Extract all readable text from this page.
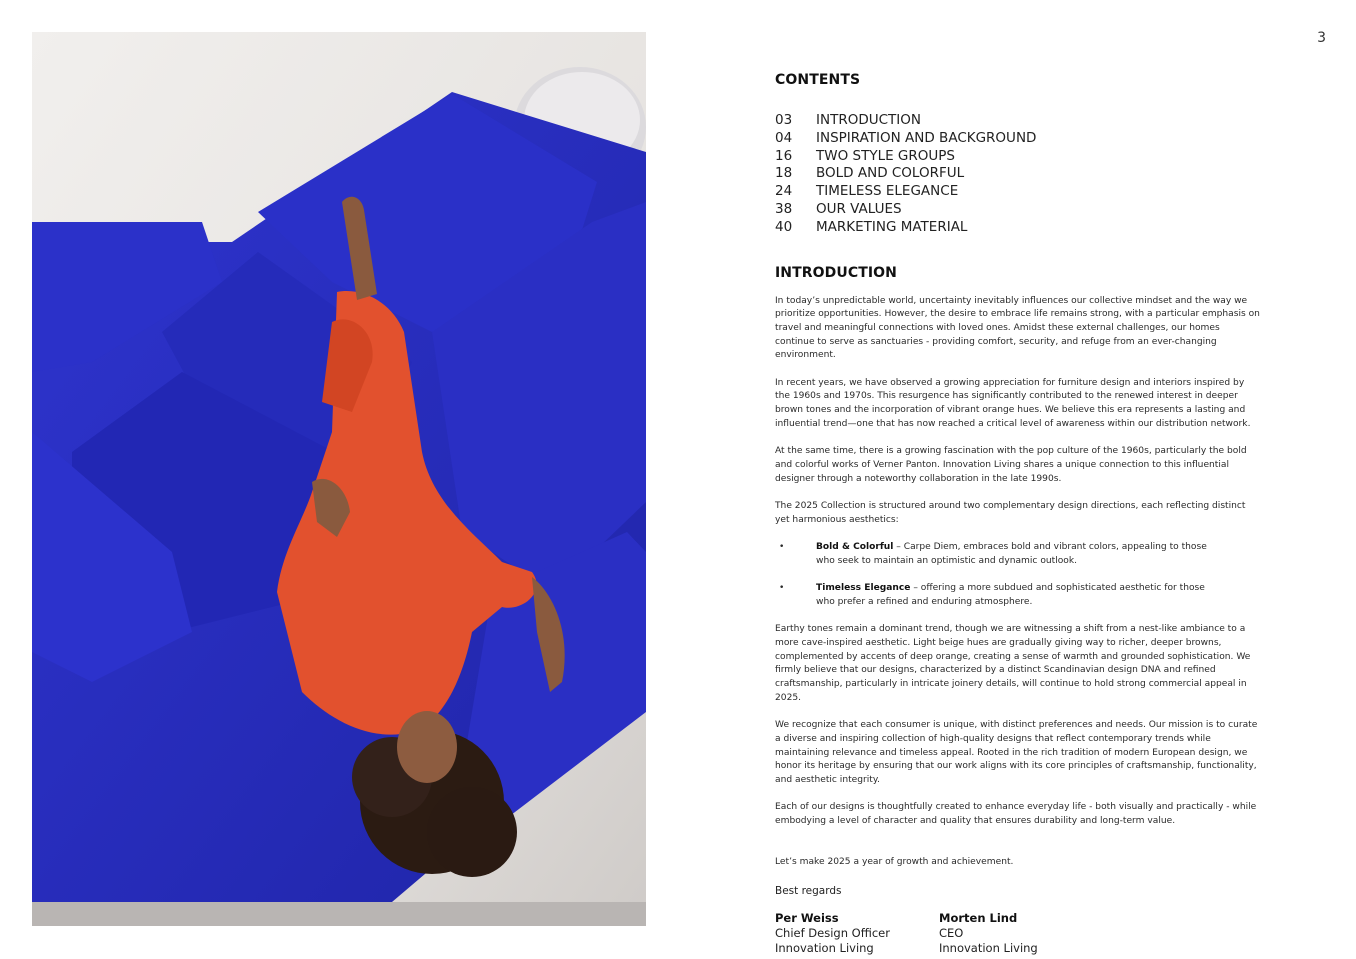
3
CONTENTS
03	INTRODUCTION
04	INSPIRATION AND BACKGROUND
16	TWO STYLE GROUPS
18	BOLD AND COLORFUL
24	TIMELESS ELEGANCE
38	OUR VALUES
40	MARKETING MATERIAL
INTRODUCTION

In today’s unpredictable world, uncertainty inevitably influences our collective mindset and the way we prioritize opportunities. However, the desire to embrace life remains strong, with a particular emphasis on travel and meaningful connections with loved ones. Amidst these external challenges, our homes continue to serve as sanctuaries - providing comfort, security, and refuge from an ever-changing environment.

In recent years, we have observed a growing appreciation for furniture design and interiors inspired by the 1960s and 1970s. This resurgence has significantly contributed to the renewed interest in deeper brown tones and the incorporation of vibrant orange hues. We believe this era represents a lasting and influential trend—one that has now reached a critical level of awareness within our distribution network.

At the same time, there is a growing fascination with the pop culture of the 1960s, particularly the bold and colorful works of Verner Panton. Innovation Living shares a unique connection to this influential designer through a noteworthy collaboration in the late 1990s.

The 2025 Collection is structured around two complementary design directions, each reflecting distinct yet harmonious aesthetics:

•	Bold & Colorful – Carpe Diem, embraces bold and vibrant colors, appealing to those who seek to maintain an optimistic and dynamic outlook.
•	Timeless Elegance – offering a more subdued and sophisticated aesthetic for those who prefer a refined and enduring atmosphere.

Earthy tones remain a dominant trend, though we are witnessing a shift from a nest-like ambiance to a more cave-inspired aesthetic. Light beige hues are gradually giving way to richer, deeper browns, complemented by accents of deep orange, creating a sense of warmth and grounded sophistication. We firmly believe that our designs, characterized by a distinct Scandinavian design DNA and refined craftsmanship, particularly in intricate joinery details, will continue to hold strong commercial appeal in 2025.

We recognize that each consumer is unique, with distinct preferences and needs. Our mission is to curate a diverse and inspiring collection of high-quality designs that reflect contemporary trends while maintaining relevance and timeless appeal. Rooted in the rich tradition of modern European design, we honor its heritage by ensuring that our work aligns with its core principles of craftsmanship, functionality, and aesthetic integrity.

Each of our designs is thoughtfully created to enhance everyday life - both visually and practically - while embodying a level of character and quality that ensures durability and long-term value.

Let’s make 2025 a year of growth and achievement.

Best regards
Per Weiss
Chief Design Officer
Innovation Living
Morten Lind
CEO
Innovation Living
